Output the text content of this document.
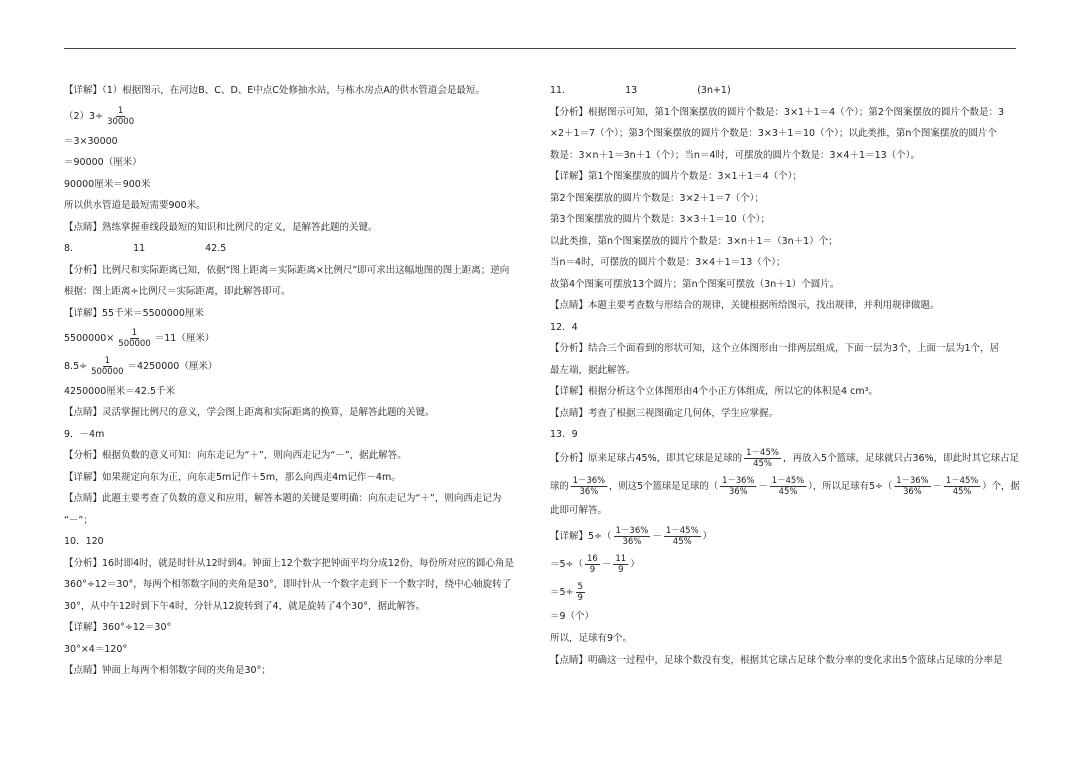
【详解】（1）根据图示，在河边B、C、D、E中点C处修抽水站，与栋水房点A的供水管道会是最短。
$(2)3\div \frac{1}{30000}$
＝3×30000
＝90000（厘米）
90000厘米＝900米
所以供水管道是最短需要900米。
【点睛】熟练掌握垂线段最短的知识和比例尺的定义，是解答此题的关键。
8.	11	42.5
【分析】比例尺和实际距离已知，依据“图上距离＝实际距离×比例尺”即可求出这幅地图的图上距离；逆向
根据：图上距离÷比例尺＝实际距离，即此解答即可。
【详解】55千米＝5500000厘米
$5500000\times \frac{1}{500000} =11$（厘米）
$8.5\div \frac{1}{500000} =4250000$（厘米）
4250000厘米＝42.5千米
【点睛】灵活掌握比例尺的意义，学会图上距离和实际距离的换算，是解答此题的关键。
9．－4m
【分析】根据负数的意义可知：向东走记为“＋”，则向西走记为“－”，据此解答。
【详解】如果规定向东为正，向东走5m记作＋5m，那么向西走4m记作－4m。
【点睛】此题主要考查了负数的意义和应用，解答本题的关键是要明确：向东走记为“＋”，则向西走记为
“－”；
10．120
【分析】16时即4时，就是时针从12时到4。钟面上12个数字把钟面平均分成12份，每份所对应的圆心角是
360°÷12＝30°，每两个相邻数字间的夹角是30°，即时针从一个数字走到下一个数字时，绕中心轴旋转了
30°，从中午12时到下午4时，分针从12旋转到了4，就是旋转了4个30°，据此解答。
【详解】360°÷12＝30°
30°×4＝120°
【点睛】钟面上每两个相邻数字间的夹角是30°；
11.	13	(3n+1)
【分析】根据图示可知，第1个图案摆放的圆片个数是：3×1＋1＝4（个）；第2个图案摆放的圆片个数是：3
×2＋1＝7（个）；第3个图案摆放的圆片个数是：3×3＋1＝10（个）；以此类推，第n个图案摆放的圆片个
数是：3×n＋1＝3n＋1（个）；当n＝4时，可摆放的圆片个数是：3×4＋1＝13（个）。
【详解】第1个图案摆放的圆片个数是：3×1＋1＝4（个）；
第2个图案摆放的圆片个数是：3×2＋1＝7（个）；
第3个图案摆放的圆片个数是：3×3＋1＝10（个）；
以此类推，第n个图案摆放的圆片个数是：3×n＋1＝（3n＋1）个；
当n＝4时，可摆放的圆片个数是：3×4＋1＝13（个）；
故第4个图案可摆放13个圆片；第n个图案可摆放（3n＋1）个圆片。
【点睛】本题主要考查数与形结合的规律，关键根据所给图示，找出规律，并利用规律做题。
12．4
【分析】结合三个面看到的形状可知，这个立体图形由一排两层组成，下面一层为3个，上面一层为1个，居
最左端，据此解答。
【详解】根据分析这个立体图形由4个小正方体组成，所以它的体积是4 cm³。
【点睛】考查了根据三视图确定几何体，学生应掌握。
13．9
【分析】原来足球占45%，即其它球是足球的 $\frac{1-45\%}{45\%}$ ，再放入5个篮球，足球就只占36%，即此时其它球占足
球的 $\frac{1-36\%}{36\%}$ ，则这5个篮球是足球的（ $\frac{1-36\%}{36\%} - \frac{1-45\%}{45\%}$ ），所以足球有$5\div( \frac{1-36\%}{36\%} - \frac{1-45\%}{45\%}$ ）个，据
此即可解答。
【详解】$5\div( \frac{1-36\%}{36\%} - \frac{1-45\%}{45\%}$ ）
$=5\div( \frac{16}{9} - \frac{11}{9}$ ）
$=5\div \frac{5}{9}$
＝9（个）
所以，足球有9个。
【点睛】明确这一过程中，足球个数没有变，根据其它球占足球个数分率的变化求出5个篮球占足球的分率是
